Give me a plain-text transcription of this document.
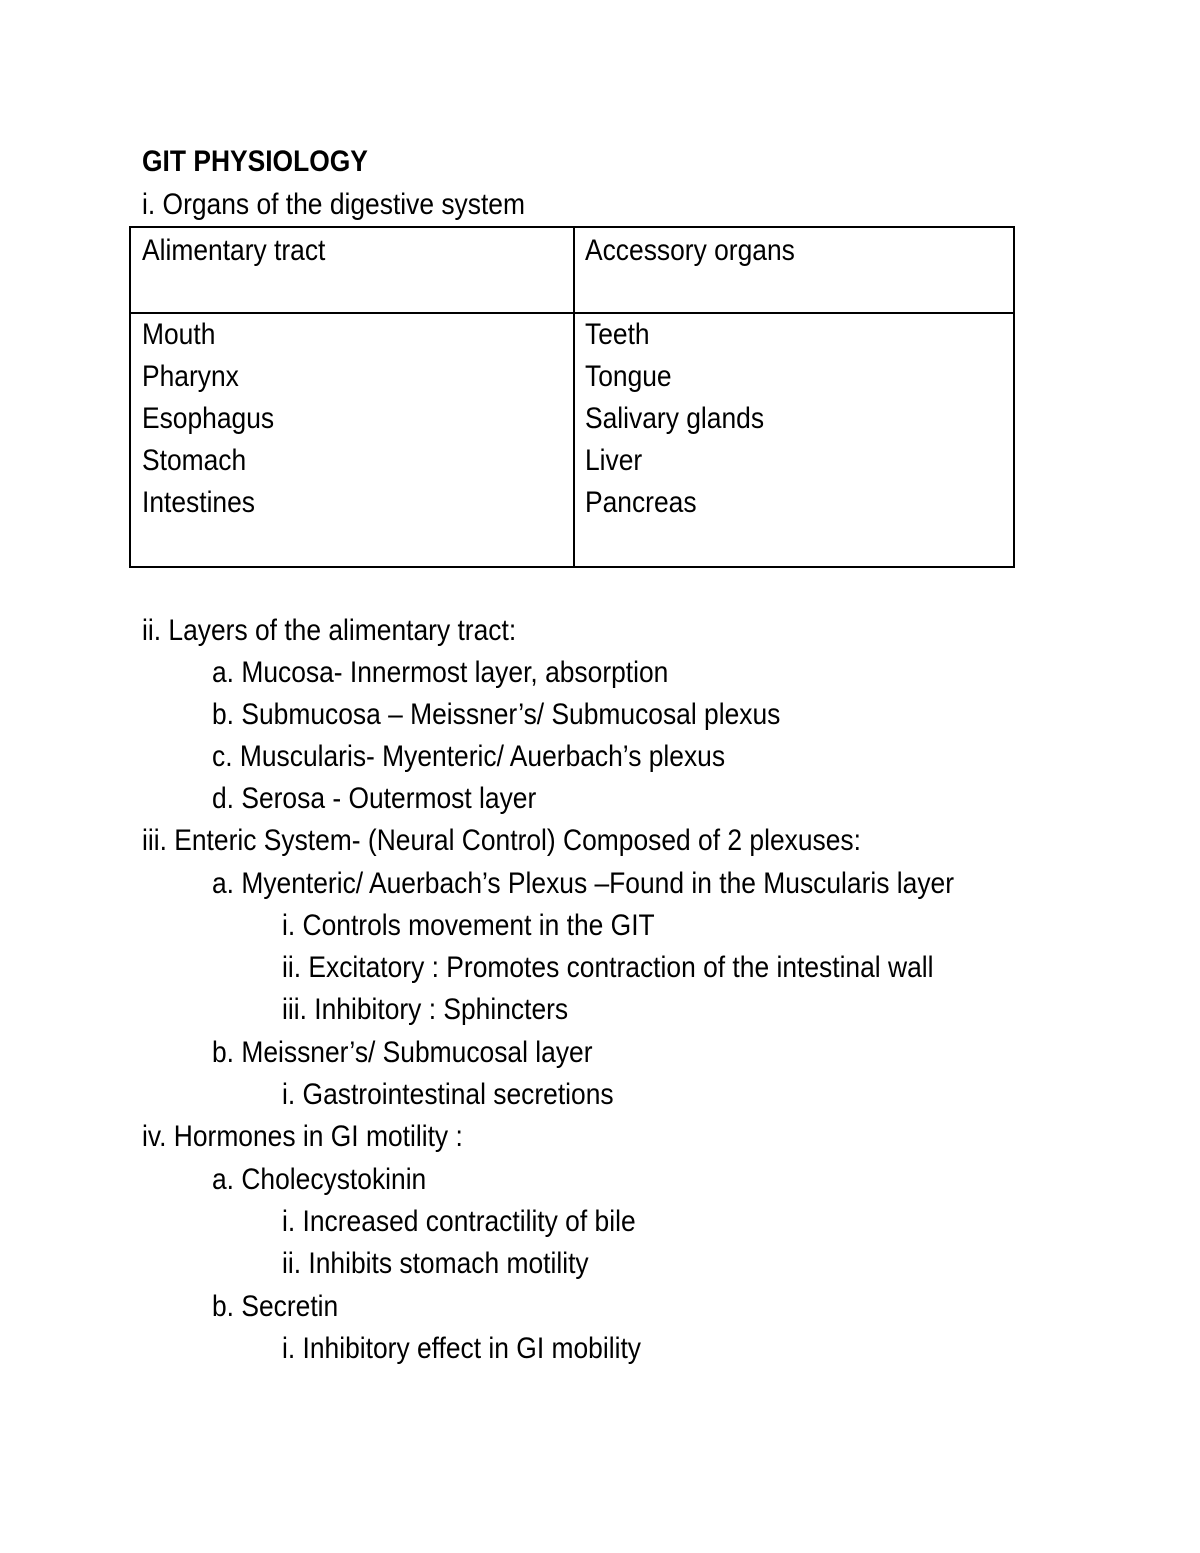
GIT PHYSIOLOGY
i. Organs of the digestive system
Alimentary tract	Accessory organs
Mouth
Pharynx
Esophagus
Stomach
Intestines
Teeth
Tongue
Salivary glands
Liver
Pancreas
ii. Layers of the alimentary tract:
a. Mucosa- Innermost layer, absorption
b. Submucosa – Meissner’s/ Submucosal plexus
c. Muscularis- Myenteric/ Auerbach’s plexus
d. Serosa - Outermost layer
iii. Enteric System- (Neural Control) Composed of 2 plexuses:
a. Myenteric/ Auerbach’s Plexus –Found in the Muscularis layer
i. Controls movement in the GIT
ii. Excitatory : Promotes contraction of the intestinal wall
iii. Inhibitory : Sphincters
b. Meissner’s/ Submucosal layer
i. Gastrointestinal secretions
iv. Hormones in GI motility :
a. Cholecystokinin
i. Increased contractility of bile
ii. Inhibits stomach motility
b. Secretin
i. Inhibitory effect in GI mobility
